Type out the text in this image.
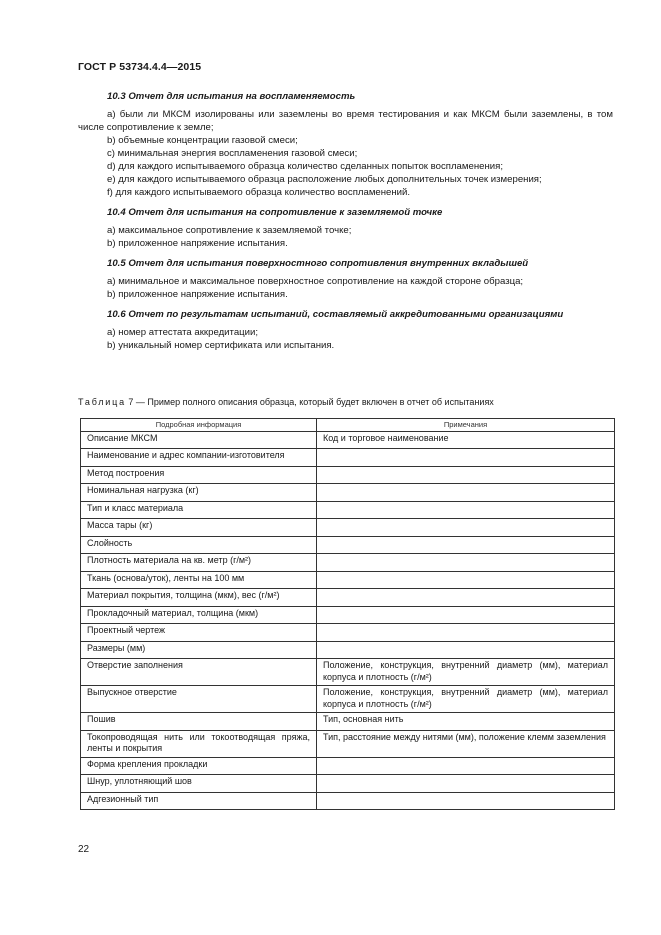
ГОСТ Р 53734.4.4—2015
10.3 Отчет для испытания на воспламеняемость

a) были ли МКСМ изолированы или заземлены во время тестирования и как МКСМ были заземлены, в том числе сопротивление к земле;

b) объемные концентрации газовой смеси;
c) минимальная энергия воспламенения газовой смеси;
d) для каждого испытываемого образца количество сделанных попыток воспламенения;
e) для каждого испытываемого образца расположение любых дополнительных точек измерения;
f) для каждого испытываемого образца количество воспламенений.
10.4 Отчет для испытания на сопротивление к заземляемой точке
a) максимальное сопротивление к заземляемой точке;
b) приложенное напряжение испытания.
10.5 Отчет для испытания поверхностного сопротивления внутренних вкладышей
a) минимальное и максимальное поверхностное сопротивление на каждой стороне образца;
b) приложенное напряжение испытания.
10.6 Отчет по результатам испытаний, составляемый аккредитованными организациями
a) номер аттестата аккредитации;
b) уникальный номер сертификата или испытания.
Таблица 7 — Пример полного описания образца, который будет включен в отчет об испытаниях
Подробная информация	Примечания
Описание МКСМ	Код и торговое наименование
Наименование и адрес компании-изготовителя	
Метод построения	
Номинальная нагрузка (кг)	
Тип и класс материала	
Масса тары (кг)	
Слойность	
Плотность материала на кв. метр (г/м²)	
Ткань (основа/уток), ленты на 100 мм	
Материал покрытия, толщина (мкм), вес (г/м²)	
Прокладочный материал, толщина (мкм)	
Проектный чертеж	
Размеры (мм)	
Отверстие заполнения	Положение, конструкция, внутренний диаметр (мм), материал корпуса и плотность (г/м²)
Выпускное отверстие	Положение, конструкция, внутренний диаметр (мм), материал корпуса и плотность (г/м²)
Пошив	Тип, основная нить
Токопроводящая нить или токоотводящая пряжа, ленты и покрытия	Тип, расстояние между нитями (мм), положение клемм заземления
Форма крепления прокладки	
Шнур, уплотняющий шов	
Адгезионный тип	
22
